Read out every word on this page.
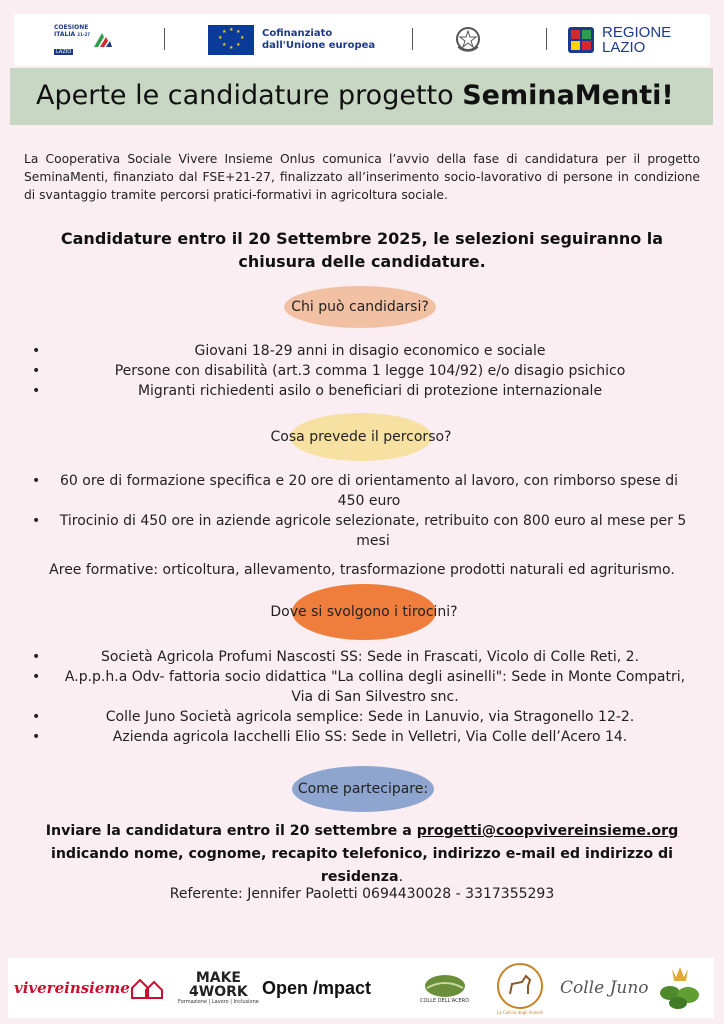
COESIONE
ITALIA 21-27
LAZIO
★ ★
★
★
★
★
★
★	Cofinanziato
dall'Unione europea
REGIONE
LAZIO
Aperte le candidature progetto SeminaMenti!
La Cooperativa Sociale Vivere Insieme Onlus comunica l’avvio della fase di candidatura per il progetto SeminaMenti, finanziato dal FSE+21-27, finalizzato all’inserimento socio-lavorativo di persone in condizione di svantaggio tramite percorsi pratici-formativi in agricoltura sociale.
Candidature entro il 20 Settembre 2025, le selezioni seguiranno la chiusura delle candidature.
Chi può candidarsi?
• Giovani 18-29 anni in disagio economico e sociale
• Persone con disabilità (art.3 comma 1 legge 104/92) e/o disagio psichico
• Migranti richiedenti asilo o beneficiari di protezione internazionale
Cosa prevede il percorso?
• 60 ore di formazione specifica e 20 ore di orientamento al lavoro, con rimborso spese di 450 euro
• Tirocinio di 450 ore in aziende agricole selezionate, retribuito con 800 euro al mese per 5 mesi
Aree formative: orticoltura, allevamento, trasformazione prodotti naturali ed agriturismo.
Dove si svolgono i tirocini?
• Società Agricola Profumi Nascosti SS: Sede in Frascati, Vicolo di Colle Reti, 2.
• A.p.p.h.a Odv- fattoria socio didattica "La collina degli asinelli": Sede in Monte Compatri, Via di San Silvestro snc.
• Colle Juno Società agricola semplice: Sede in Lanuvio, via Stragonello 12-2.
• Azienda agricola Iacchelli Elio SS: Sede in Velletri, Via Colle dell’Acero 14.
Come partecipare:
Inviare la candidatura entro il 20 settembre a progetti@coopvivereinsieme.org indicando nome, cognome, recapito telefonico, indirizzo e-mail ed indirizzo di residenza.
Referente: Jennifer Paoletti 0694430028 - 3317355293
vivereinsieme
MAKE
4WORK
Formazione | Lavoro | Inclusione
Open /mpact
COLLE DELL'ACERO
La Collina degli Asinelli
Colle Juno
